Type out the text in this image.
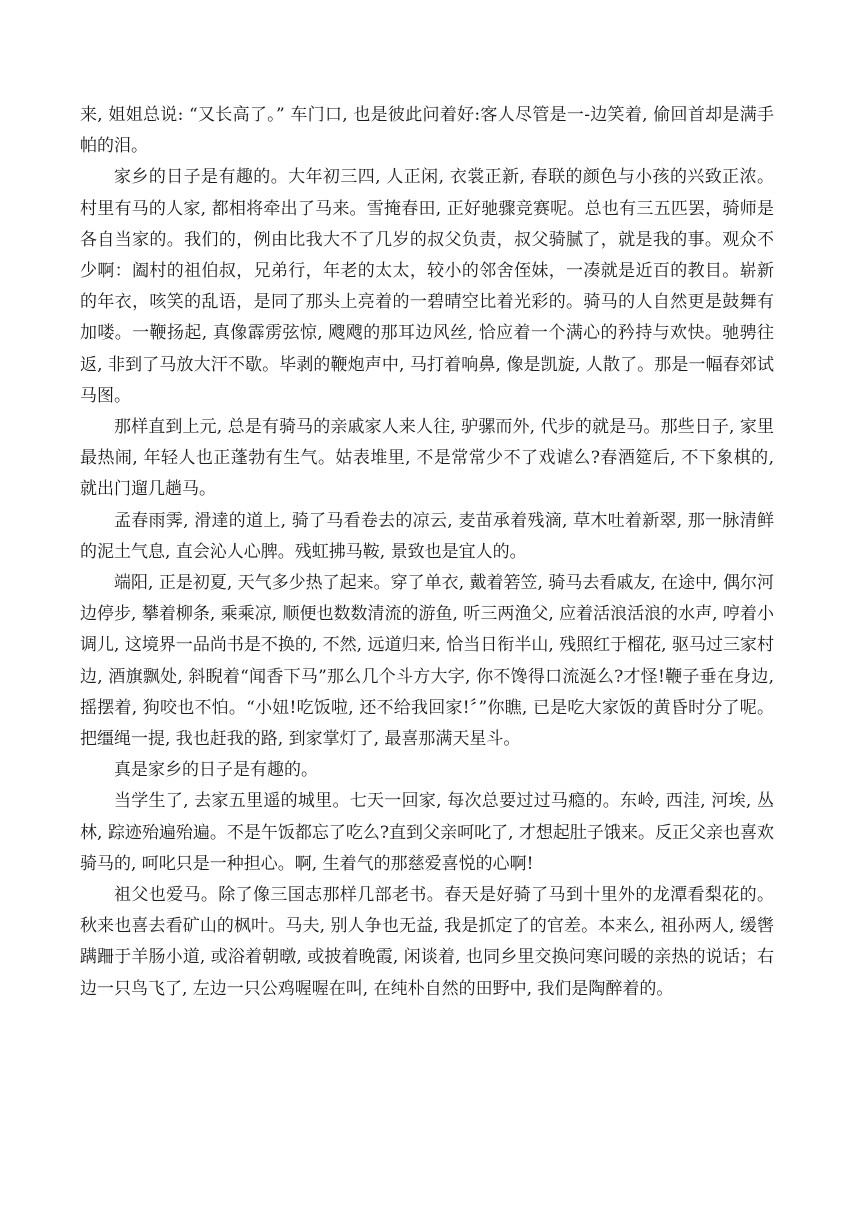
来, 姐姐总说: “又长高了。” 车门口, 也是彼此问着好:客人尽管是一-边笑着, 偷回首却是满手帕的泪。

家乡的日子是有趣的。大年初三四, 人正闲, 衣裳正新, 春联的颜色与小孩的兴致正浓。村里有马的人家, 都相将牵出了马来。雪掩春田, 正好驰骤竞赛呢。总也有三五匹罢，骑师是各自当家的。我们的，例由比我大不了几岁的叔父负责，叔父骑腻了，就是我的事。观众不少啊：阖村的祖伯叔，兄弟行，年老的太太，较小的邻舍侄妹，一凑就是近百的教目。崭新的年衣，咳笑的乱语，是同了那头上亮着的一碧晴空比着光彩的。骑马的人自然更是鼓舞有加喽。一鞭扬起, 真像霹雳弦惊, 飕飕的那耳边风丝, 恰应着一个满心的矜持与欢快。驰骋往返, 非到了马放大汗不歇。毕剥的鞭炮声中, 马打着响鼻, 像是凯旋, 人散了。那是一幅春郊试马图。

那样直到上元, 总是有骑马的亲戚家人来人往, 驴骡而外, 代步的就是马。那些日子, 家里最热闹, 年轻人也正蓬勃有生气。姑表堆里, 不是常常少不了戏谑么?春酒筵后, 不下象棋的, 就出门遛几趟马。

孟春雨霁, 滑達的道上, 骑了马看卷去的凉云, 麦苗承着残滴, 草木吐着新翠, 那一脉清鲜的泥土气息, 直会沁人心脾。残虹拂马鞍, 景致也是宜人的。

端阳, 正是初夏, 天气多少热了起来。穿了单衣, 戴着箬笠, 骑马去看戚友, 在途中, 偶尔河边停步, 攀着柳条, 乘乘凉, 顺便也数数清流的游鱼, 听三两渔父, 应着活浪活浪的水声, 哼着小调儿, 这境界一品尚书是不换的, 不然, 远道归来, 恰当日衔半山, 残照红于榴花, 驱马过三家村边, 酒旗飘处, 斜睨着“闻香下马”那么几个斗方大字, 你不馋得口流涎么?才怪!鞭子垂在身边, 摇摆着, 狗咬也不怕。“小妞!吃饭啦, 还不给我回家!〞”你瞧, 已是吃大家饭的黄昏时分了呢。把缰绳一提, 我也赶我的路, 到家掌灯了, 最喜那满天星斗。

真是家乡的日子是有趣的。

当学生了, 去家五里遥的城里。七天一回家, 每次总要过过马瘾的。东岭, 西洼, 河埃, 丛林, 踪迹殆遍殆遍。不是午饭都忘了吃么?直到父亲呵叱了, 才想起肚子饿来。反正父亲也喜欢骑马的, 呵叱只是一种担心。啊, 生着气的那慈爱喜悦的心啊!

祖父也爱马。除了像三国志那样几部老书。春天是好骑了马到十里外的龙潭看梨花的。秋来也喜去看矿山的枫叶。马夫, 别人争也无益, 我是抓定了的官差。本来么, 祖孙两人, 缓辔蹒跚于羊肠小道, 或浴着朝暾, 或披着晚霞, 闲谈着, 也同乡里交换问寒问暖的亲热的说话；右边一只鸟飞了, 左边一只公鸡喔喔在叫, 在纯朴自然的田野中, 我们是陶醉着的。
